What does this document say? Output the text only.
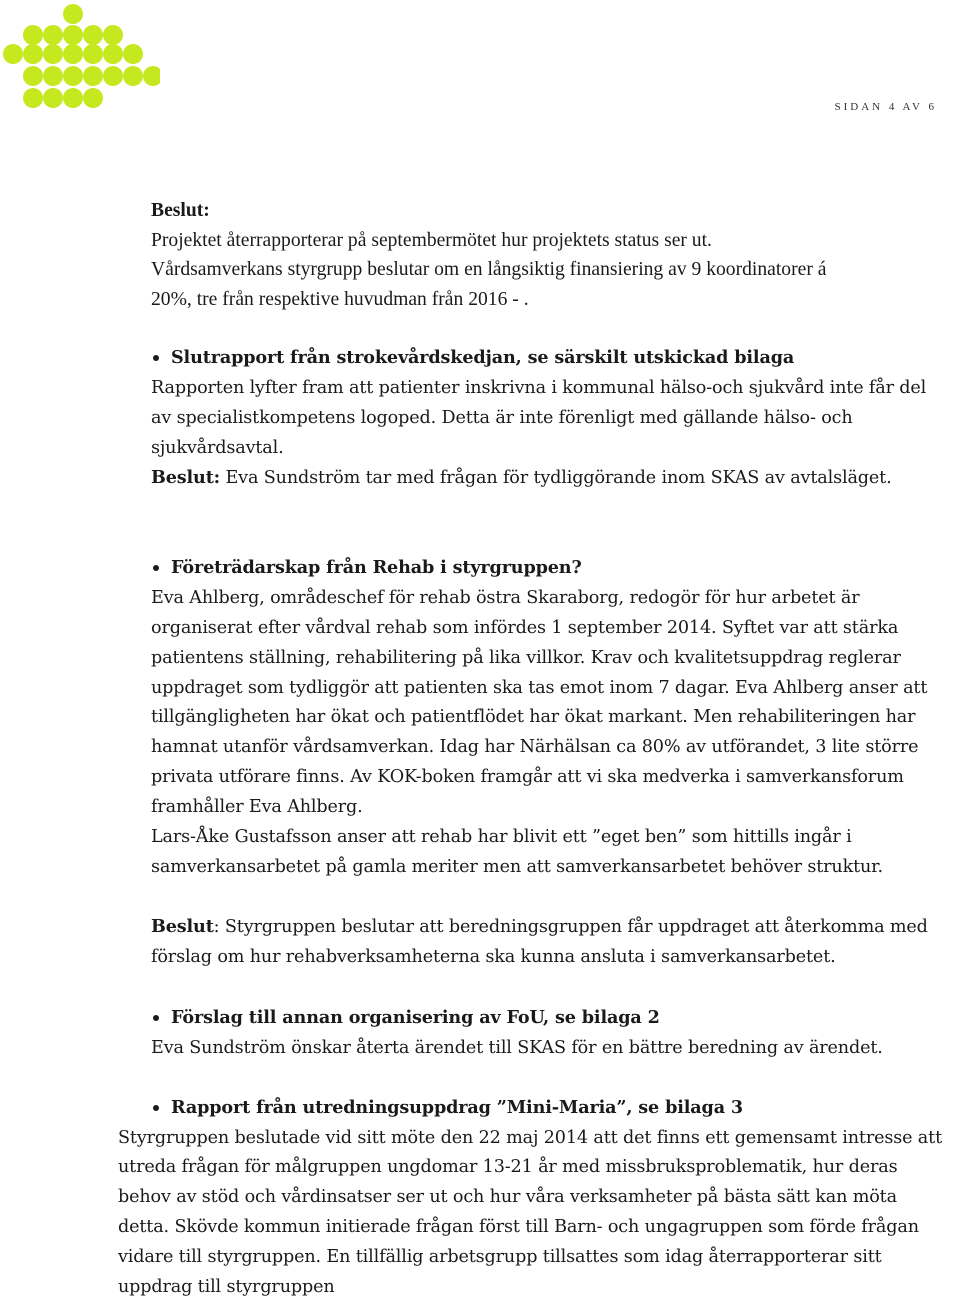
SIDAN 4 AV 6
Beslut:
Projektet återrapporterar på septembermötet hur projektets status ser ut.
Vårdsamverkans styrgrupp beslutar om en långsiktig finansiering av 9 koordinatorer á
20%, tre från respektive huvudman från 2016 - .
Slutrapport från strokevårdskedjan, se särskilt utskickad bilaga
Rapporten lyfter fram att patienter inskrivna i kommunal hälso-och sjukvård inte får del
av specialistkompetens logoped. Detta är inte förenligt med gällande hälso- och
sjukvårdsavtal.
Beslut: Eva Sundström tar med frågan för tydliggörande inom SKAS av avtalsläget.
Företrädarskap från Rehab i styrgruppen?
Eva Ahlberg, områdeschef för rehab östra Skaraborg, redogör för hur arbetet är
organiserat efter vårdval rehab som infördes 1 september 2014. Syftet var att stärka
patientens ställning, rehabilitering på lika villkor. Krav och kvalitetsuppdrag reglerar
uppdraget som tydliggör att patienten ska tas emot inom 7 dagar. Eva Ahlberg anser att
tillgängligheten har ökat och patientflödet har ökat markant. Men rehabiliteringen har
hamnat utanför vårdsamverkan. Idag har Närhälsan ca 80% av utförandet, 3 lite större
privata utförare finns. Av KOK-boken framgår att vi ska medverka i samverkansforum
framhåller Eva Ahlberg.
Lars-Åke Gustafsson anser att rehab har blivit ett ”eget ben” som hittills ingår i
samverkansarbetet på gamla meriter men att samverkansarbetet behöver struktur.
Beslut: Styrgruppen beslutar att beredningsgruppen får uppdraget att återkomma med
förslag om hur rehabverksamheterna ska kunna ansluta i samverkansarbetet.
Förslag till annan organisering av FoU, se bilaga 2
Eva Sundström önskar återta ärendet till SKAS för en bättre beredning av ärendet.
Rapport från utredningsuppdrag ”Mini-Maria”, se bilaga 3
Styrgruppen beslutade vid sitt möte den 22 maj 2014 att det finns ett gemensamt intresse att
utreda frågan för målgruppen ungdomar 13-21 år med missbruksproblematik, hur deras
behov av stöd och vårdinsatser ser ut och hur våra verksamheter på bästa sätt kan möta
detta. Skövde kommun initierade frågan först till Barn- och ungagruppen som förde frågan
vidare till styrgruppen. En tillfällig arbetsgrupp tillsattes som idag återrapporterar sitt
uppdrag till styrgruppen
